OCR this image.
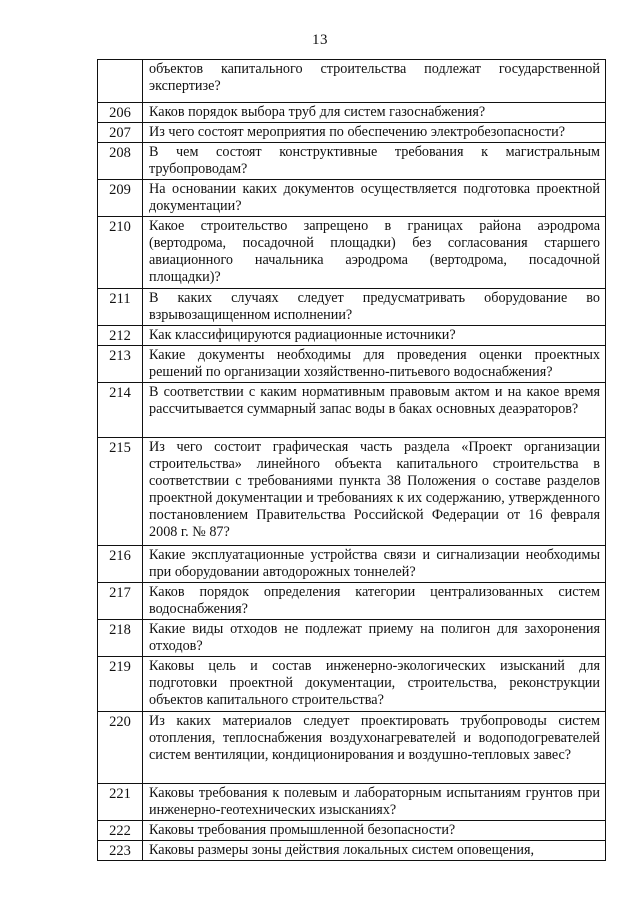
13
	объектов капитального строительства подлежат государственной экспертизе?
206	Каков порядок выбора труб для систем газоснабжения?
207	Из чего состоят мероприятия по обеспечению электробезопасности?
208	В чем состоят конструктивные требования к магистральным трубопроводам?
209	На основании каких документов осуществляется подготовка проектной документации?
210	Какое строительство запрещено в границах района аэродрома (вертодрома, посадочной площадки) без согласования старшего авиационного начальника аэродрома (вертодрома, посадочной площадки)?
211	В каких случаях следует предусматривать оборудование во взрывозащищенном исполнении?
212	Как классифицируются радиационные источники?
213	Какие документы необходимы для проведения оценки проектных решений по организации хозяйственно-питьевого водоснабжения?
214	В соответствии с каким нормативным правовым актом и на какое время рассчитывается суммарный запас воды в баках основных деаэраторов?
215	Из чего состоит графическая часть раздела «Проект организации строительства» линейного объекта капитального строительства в соответствии с требованиями пункта 38 Положения о составе разделов проектной документации и требованиях к их содержанию, утвержденного постановлением Правительства Российской Федерации от 16 февраля 2008 г. № 87?
216	Какие эксплуатационные устройства связи и сигнализации необходимы при оборудовании автодорожных тоннелей?
217	Каков порядок определения категории централизованных систем водоснабжения?
218	Какие виды отходов не подлежат приему на полигон для захоронения отходов?
219	Каковы цель и состав инженерно-экологических изысканий для подготовки проектной документации, строительства, реконструкции объектов капитального строительства?
220	Из каких материалов следует проектировать трубопроводы систем отопления, теплоснабжения воздухонагревателей и водоподогревателей систем вентиляции, кондиционирования и воздушно-тепловых завес?
221	Каковы требования к полевым и лабораторным испытаниям грунтов при инженерно-геотехнических изысканиях?
222	Каковы требования промышленной безопасности?
223	Каковы размеры зоны действия локальных систем оповещения,
